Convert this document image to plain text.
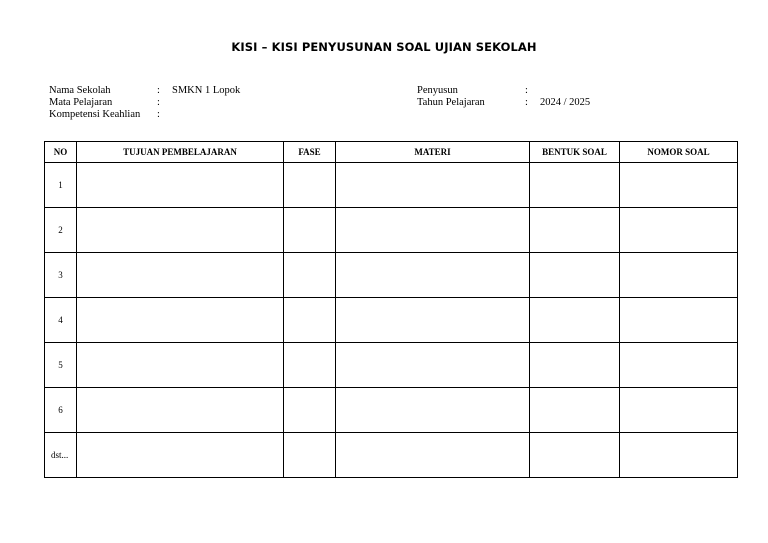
KISI – KISI PENYUSUNAN SOAL UJIAN SEKOLAH
Nama Sekolah	: SMKN 1 Lopok
Mata Pelajaran	:
Kompetensi Keahlian :
Penyusun	:
Tahun Pelajaran	: 2024 / 2025
NO	TUJUAN PEMBELAJARAN	FASE	MATERI	BENTUK SOAL	NOMOR SOAL
1					
2					
3					
4					
5					
6					
dst...					
